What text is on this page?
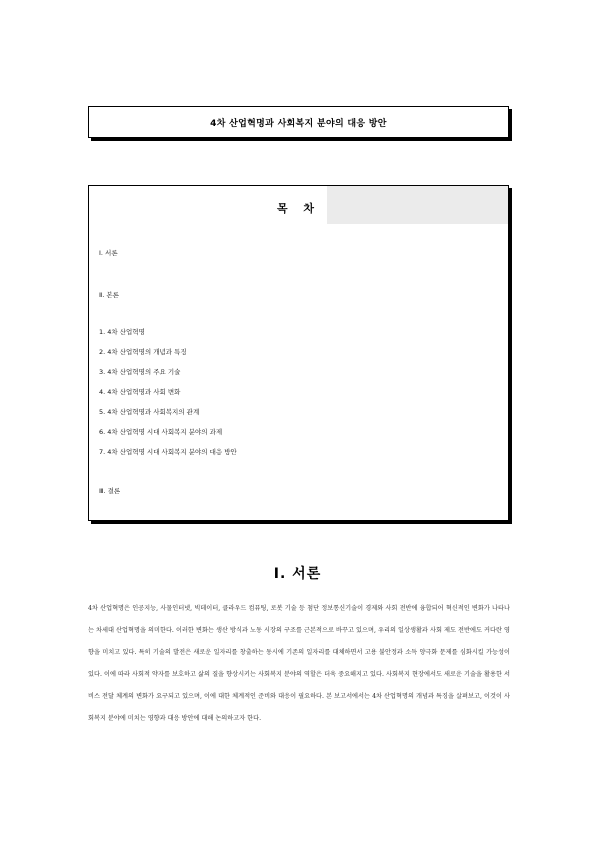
4차 산업혁명과 사회복지 분야의 대응 방안
목 차
Ⅰ. 서론
Ⅱ. 본론
1. 4차 산업혁명
2. 4차 산업혁명의 개념과 특징
3. 4차 산업혁명의 주요 기술
4. 4차 산업혁명과 사회 변화
5. 4차 산업혁명과 사회복지의 관계
6. 4차 산업혁명 시대 사회복지 분야의 과제
7. 4차 산업혁명 시대 사회복지 분야의 대응 방안
Ⅲ. 결론
Ⅰ. 서론
4차 산업혁명은 인공지능, 사물인터넷, 빅데이터, 클라우드 컴퓨팅, 로봇 기술 등 첨단 정보통신기술이 경제와 사회 전반에 융합되어 혁신적인 변화가 나타나는 차세대 산업혁명을 의미한다. 이러한 변화는 생산 방식과 노동 시장의 구조를 근본적으로 바꾸고 있으며, 우리의 일상생활과 사회 제도 전반에도 커다란 영향을 미치고 있다. 특히 기술의 발전은 새로운 일자리를 창출하는 동시에 기존의 일자리를 대체하면서 고용 불안정과 소득 양극화 문제를 심화시킬 가능성이 있다. 이에 따라 사회적 약자를 보호하고 삶의 질을 향상시키는 사회복지 분야의 역할은 더욱 중요해지고 있다. 사회복지 현장에서도 새로운 기술을 활용한 서비스 전달 체계의 변화가 요구되고 있으며, 이에 대한 체계적인 준비와 대응이 필요하다. 본 보고서에서는 4차 산업혁명의 개념과 특징을 살펴보고, 이것이 사회복지 분야에 미치는 영향과 대응 방안에 대해 논의하고자 한다.
